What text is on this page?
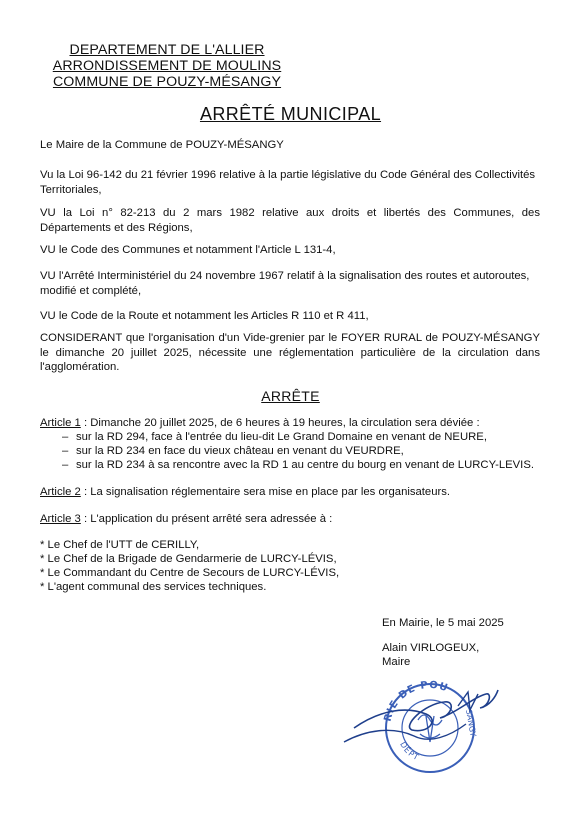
DEPARTEMENT DE L'ALLIER
ARRONDISSEMENT DE MOULINS
COMMUNE DE POUZY-MÉSANGY
ARRÊTÉ MUNICIPAL
Le Maire de la Commune de POUZY-MÉSANGY
Vu la Loi 96-142 du 21 février 1996 relative à la partie législative du Code Général des Collectivités Territoriales,
VU la Loi n° 82-213 du 2 mars 1982 relative aux droits et libertés des Communes, des Départements et des Régions,
VU le Code des Communes et notamment l'Article L 131-4,
VU l'Arrêté Interministériel du 24 novembre 1967 relatif à la signalisation des routes et autoroutes, modifié et complété,
VU le Code de la Route et notamment les Articles R 110 et R 411,
CONSIDERANT que l'organisation d'un Vide-grenier par le FOYER RURAL de POUZY-MÉSANGY le dimanche 20 juillet 2025, nécessite une réglementation particulière de la circulation dans l'agglomération.
ARRÊTE
Article 1 : Dimanche 20 juillet 2025, de 6 heures à 19 heures, la circulation sera déviée :
– sur la RD 294, face à l'entrée du lieu-dit Le Grand Domaine en venant de NEURE,
– sur la RD 234 en face du vieux château en venant du VEURDRE,
– sur la RD 234 à sa rencontre avec la RD 1 au centre du bourg en venant de LURCY-LEVIS.
Article 2 : La signalisation réglementaire sera mise en place par les organisateurs.
Article 3 : L'application du présent arrêté sera adressée à :
* Le Chef de l'UTT de CERILLY,
* Le Chef de la Brigade de Gendarmerie de LURCY-LÉVIS,
* Le Commandant du Centre de Secours de LURCY-LÉVIS,
* L'agent communal des services techniques.
En Mairie, le 5 mai 2025
Alain VIRLOGEUX,
Maire
RIE DE POU
DÉPT
SANGY
